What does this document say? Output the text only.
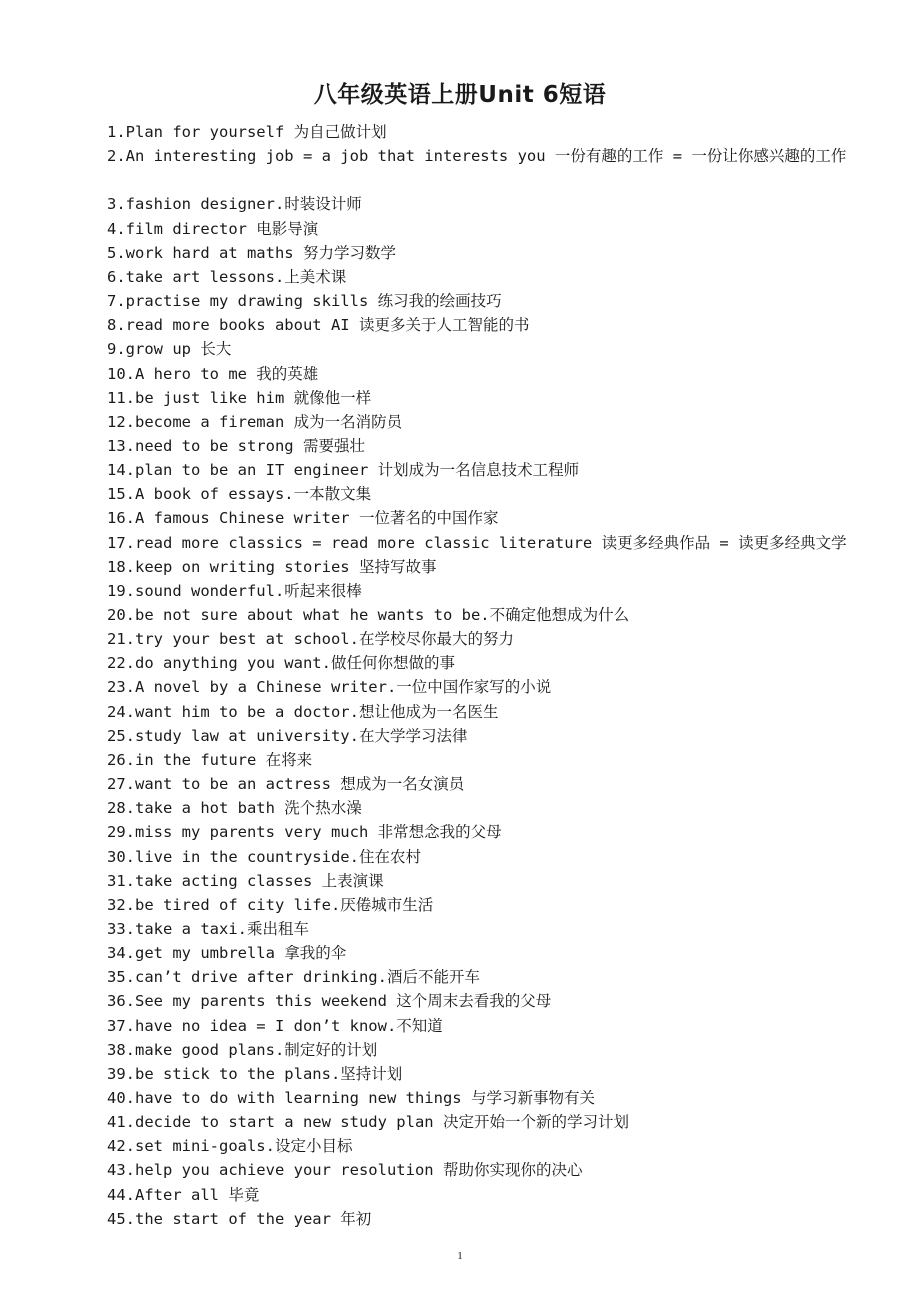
八年级英语上册Unit 6短语
1.Plan for yourself 为自己做计划
2.An interesting job = a job that interests you 一份有趣的工作 = 一份让你感兴趣的工作
3.fashion designer.时装设计师
4.film director 电影导演
5.work hard at maths 努力学习数学
6.take art lessons.上美术课
7.practise my drawing skills 练习我的绘画技巧
8.read more books about AI 读更多关于人工智能的书
9.grow up 长大
10.A hero to me 我的英雄
11.be just like him 就像他一样
12.become a fireman 成为一名消防员
13.need to be strong 需要强壮
14.plan to be an IT engineer 计划成为一名信息技术工程师
15.A book of essays.一本散文集
16.A famous Chinese writer 一位著名的中国作家
17.read more classics = read more classic literature 读更多经典作品 = 读更多经典文学
18.keep on writing stories 坚持写故事
19.sound wonderful.听起来很棒
20.be not sure about what he wants to be.不确定他想成为什么
21.try your best at school.在学校尽你最大的努力
22.do anything you want.做任何你想做的事
23.A novel by a Chinese writer.一位中国作家写的小说
24.want him to be a doctor.想让他成为一名医生
25.study law at university.在大学学习法律
26.in the future 在将来
27.want to be an actress 想成为一名女演员
28.take a hot bath 洗个热水澡
29.miss my parents very much 非常想念我的父母
30.live in the countryside.住在农村
31.take acting classes 上表演课
32.be tired of city life.厌倦城市生活
33.take a taxi.乘出租车
34.get my umbrella 拿我的伞
35.can’t drive after drinking.酒后不能开车
36.See my parents this weekend 这个周末去看我的父母
37.have no idea = I don’t know.不知道
38.make good plans.制定好的计划
39.be stick to the plans.坚持计划
40.have to do with learning new things 与学习新事物有关
41.decide to start a new study plan 决定开始一个新的学习计划
42.set mini-goals.设定小目标
43.help you achieve your resolution 帮助你实现你的决心
44.After all 毕竟
45.the start of the year 年初
1
